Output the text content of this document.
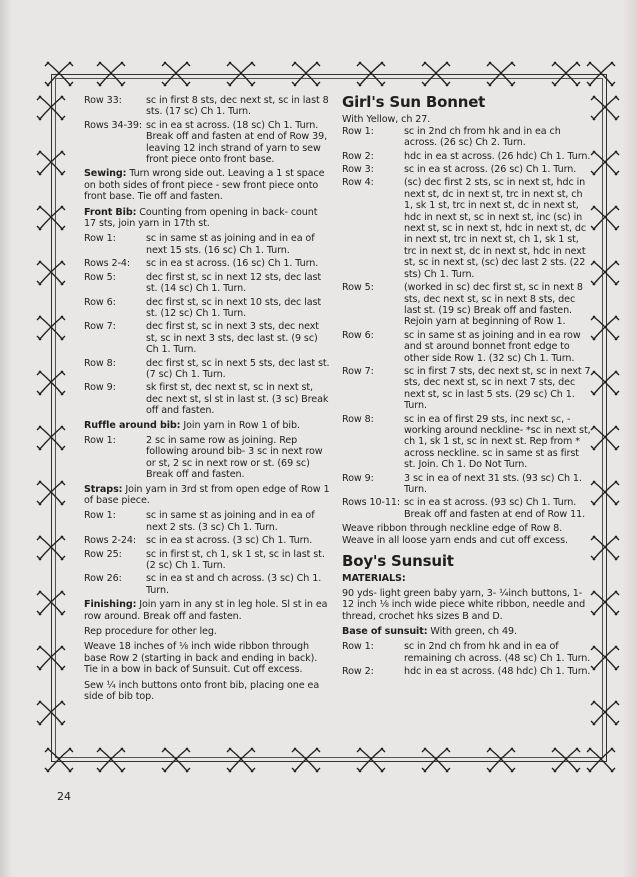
Row 33:	sc in first 8 sts, dec next st, sc in last 8 sts. (17 sc) Ch 1. Turn.
Rows 34-39: sc in ea st across. (18 sc) Ch 1. Turn. Break off and fasten at end of Row 39, leaving 12 inch strand of yarn to sew front piece onto front base.
Sewing: Turn wrong side out. Leaving a 1 st space on both sides of front piece - sew front piece onto front base. Tie off and fasten.
Front Bib: Counting from opening in back- count 17 sts, join yarn in 17th st.
Row 1:	sc in same st as joining and in ea of next 15 sts. (16 sc) Ch 1. Turn.
Rows 2-4:	sc in ea st across. (16 sc) Ch 1. Turn.
Row 5:	dec first st, sc in next 12 sts, dec last st. (14 sc) Ch 1. Turn.
Row 6:	dec first st, sc in next 10 sts, dec last st. (12 sc) Ch 1. Turn.
Row 7:	dec first st, sc in next 3 sts, dec next st, sc in next 3 sts, dec last st. (9 sc) Ch 1. Turn.
Row 8:	dec first st, sc in next 5 sts, dec last st. (7 sc) Ch 1. Turn.
Row 9:	sk first st, dec next st, sc in next st, dec next st, sl st in last st. (3 sc) Break off and fasten.
Ruffle around bib: Join yarn in Row 1 of bib.
Row 1:	2 sc in same row as joining. Rep following around bib- 3 sc in next row or st, 2 sc in next row or st. (69 sc) Break off and fasten.
Straps: Join yarn in 3rd st from open edge of Row 1 of base piece.
Row 1:	sc in same st as joining and in ea of next 2 sts. (3 sc) Ch 1. Turn.
Rows 2-24:	sc in ea st across. (3 sc) Ch 1. Turn.
Row 25:	sc in first st, ch 1, sk 1 st, sc in last st. (2 sc) Ch 1. Turn.
Row 26:	sc in ea st and ch across. (3 sc) Ch 1. Turn.
Finishing: Join yarn in any st in leg hole. Sl st in ea row around. Break off and fasten.
Rep procedure for other leg.
Weave 18 inches of ⅛ inch wide ribbon through base Row 2 (starting in back and ending in back). Tie in a bow in back of Sunsuit. Cut off excess.
Sew ¼ inch buttons onto front bib, placing one ea side of bib top.
Girl's Sun Bonnet
With Yellow, ch 27.
Row 1:	sc in 2nd ch from hk and in ea ch across. (26 sc) Ch 2. Turn.
Row 2:	hdc in ea st across. (26 hdc) Ch 1. Turn.
Row 3:	sc in ea st across. (26 sc) Ch 1. Turn.
Row 4:	(sc) dec first 2 sts, sc in next st, hdc in next st, dc in next st, trc in next st, ch 1, sk 1 st, trc in next st, dc in next st, hdc in next st, sc in next st, inc (sc) in next st, sc in next st, hdc in next st, dc in next st, trc in next st, ch 1, sk 1 st, trc in next st, dc in next st, hdc in next st, sc in next st, (sc) dec last 2 sts. (22 sts) Ch 1. Turn.
Row 5:	(worked in sc) dec first st, sc in next 8 sts, dec next st, sc in next 8 sts, dec last st. (19 sc) Break off and fasten. Rejoin yarn at beginning of Row 1.
Row 6:	sc in same st as joining and in ea row and st around bonnet front edge to other side Row 1. (32 sc) Ch 1. Turn.
Row 7:	sc in first 7 sts, dec next st, sc in next 7 sts, dec next st, sc in next 7 sts, dec next st, sc in last 5 sts. (29 sc) Ch 1. Turn.
Row 8:	sc in ea of first 29 sts, inc next sc, - working around neckline- *sc in next st, ch 1, sk 1 st, sc in next st. Rep from * across neckline. sc in same st as first st. Join. Ch 1. Do Not Turn.
Row 9:	3 sc in ea of next 31 sts. (93 sc) Ch 1. Turn.
Rows 10-11: sc in ea st across. (93 sc) Ch 1. Turn. Break off and fasten at end of Row 11.
Weave ribbon through neckline edge of Row 8. Weave in all loose yarn ends and cut off excess.
Boy's Sunsuit
MATERIALS:
90 yds- light green baby yarn, 3- ¼inch buttons, 1-12 inch ⅛ inch wide piece white ribbon, needle and thread, crochet hks sizes B and D.
Base of sunsuit: With green, ch 49.
Row 1:	sc in 2nd ch from hk and in ea of remaining ch across. (48 sc) Ch 1. Turn.
Row 2:	hdc in ea st across. (48 hdc) Ch 1. Turn.
24
